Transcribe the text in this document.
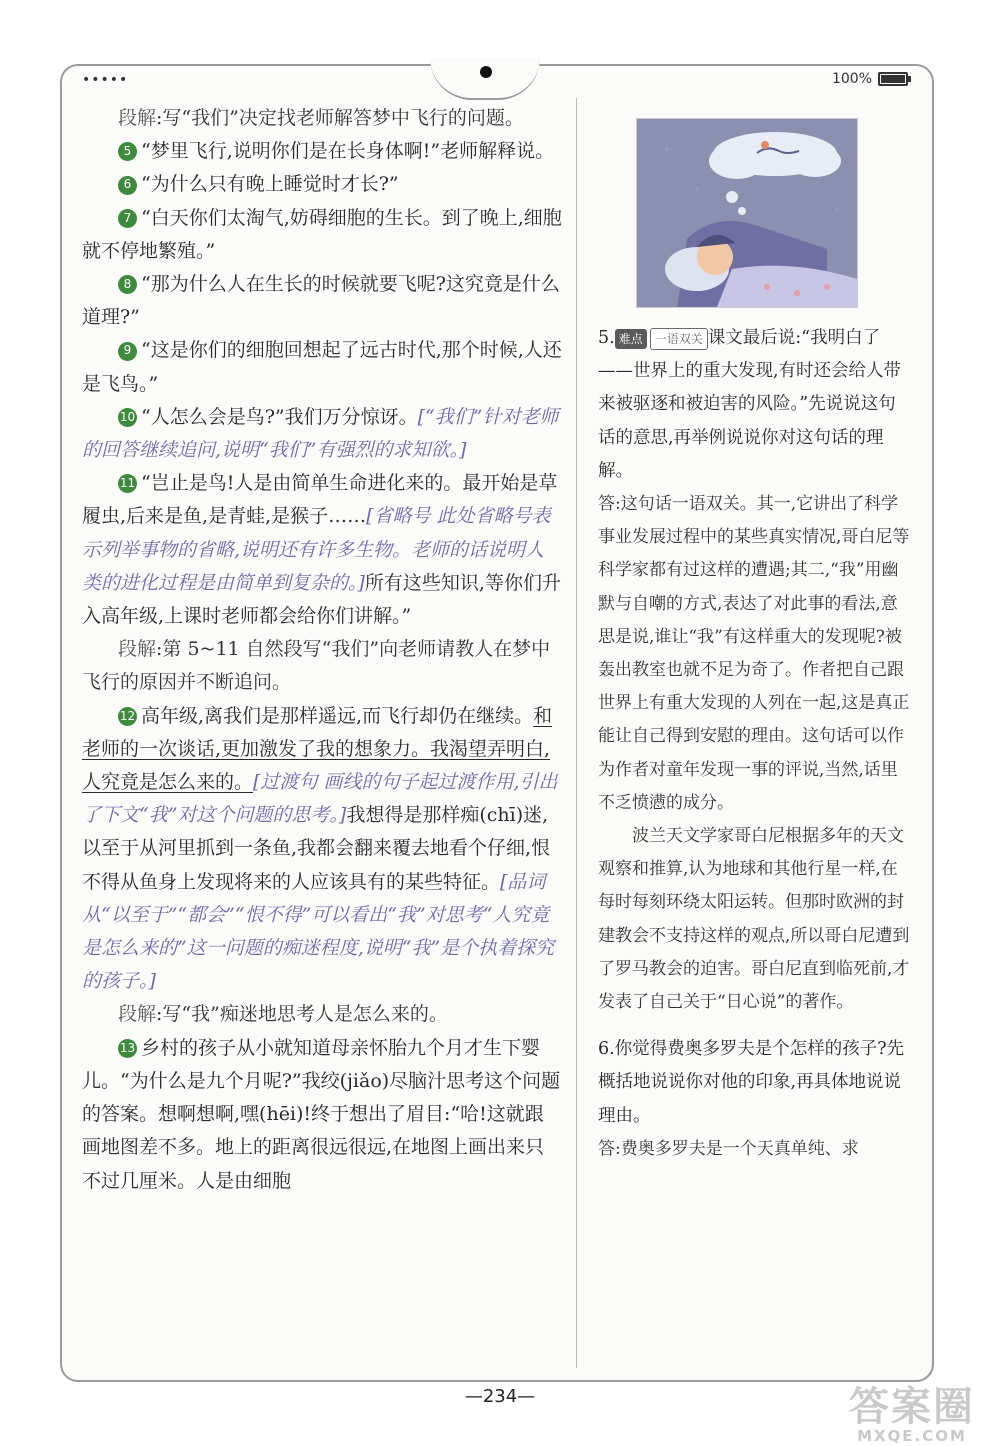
•••••	100%

段解:写“我们”决定找老师解答梦中飞行的问题。

5 “梦里飞行,说明你们是在长身体啊!”老师解释说。

6 “为什么只有晚上睡觉时才长?”

7 “白天你们太淘气,妨碍细胞的生长。到了晚上,细胞就不停地繁殖。”

8 “那为什么人在生长的时候就要飞呢?这究竟是什么道理?”

9 “这是你们的细胞回想起了远古时代,那个时候,人还是飞鸟。”

10 “人怎么会是鸟?”我们万分惊讶。[“我们”针对老师的回答继续追问,说明“我们”有强烈的求知欲。]

11 “岂止是鸟!人是由简单生命进化来的。最开始是草履虫,后来是鱼,是青蛙,是猴子……[省略号 此处省略号表示列举事物的省略,说明还有许多生物。老师的话说明人类的进化过程是由简单到复杂的。]所有这些知识,等你们升入高年级,上课时老师都会给你们讲解。”

段解:第 5~11 自然段写“我们”向老师请教人在梦中飞行的原因并不断追问。

12 高年级,离我们是那样遥远,而飞行却仍在继续。和老师的一次谈话,更加激发了我的想象力。我渴望弄明白,人究竟是怎么来的。[过渡句 画线的句子起过渡作用,引出了下文“我”对这个问题的思考。]我想得是那样痴(chī)迷,以至于从河里抓到一条鱼,我都会翻来覆去地看个仔细,恨不得从鱼身上发现将来的人应该具有的某些特征。[品词 从“以至于”“都会”“恨不得”可以看出“我”对思考“人究竟是怎么来的”这一问题的痴迷程度,说明“我”是个执着探究的孩子。]

段解:写“我”痴迷地思考人是怎么来的。

13 乡村的孩子从小就知道母亲怀胎九个月才生下婴儿。“为什么是九个月呢?”我绞(jiǎo)尽脑汁思考这个问题的答案。想啊想啊,嘿(hēi)!终于想出了眉目:“哈!这就跟画地图差不多。地上的距离很远很远,在地图上画出来只不过几厘米。人是由细胞

5. 难点 一语双关 课文最后说:“我明白了——世界上的重大发现,有时还会给人带来被驱逐和被迫害的风险。”先说说这句话的意思,再举例说说你对这句话的理解。

答:这句话一语双关。其一,它讲出了科学事业发展过程中的某些真实情况,哥白尼等科学家都有过这样的遭遇;其二,“我”用幽默与自嘲的方式,表达了对此事的看法,意思是说,谁让“我”有这样重大的发现呢?被轰出教室也就不足为奇了。作者把自己跟世界上有重大发现的人列在一起,这是真正能让自己得到安慰的理由。这句话可以作为作者对童年发现一事的评说,当然,话里不乏愤懑的成分。

波兰天文学家哥白尼根据多年的天文观察和推算,认为地球和其他行星一样,在每时每刻环绕太阳运转。但那时欧洲的封建教会不支持这样的观点,所以哥白尼遭到了罗马教会的迫害。哥白尼直到临死前,才发表了自己关于“日心说”的著作。

6.你觉得费奥多罗夫是个怎样的孩子?先概括地说说你对他的印象,再具体地说说理由。

答:费奥多罗夫是一个天真单纯、求

—234—	答案圈
MXQE.COM
